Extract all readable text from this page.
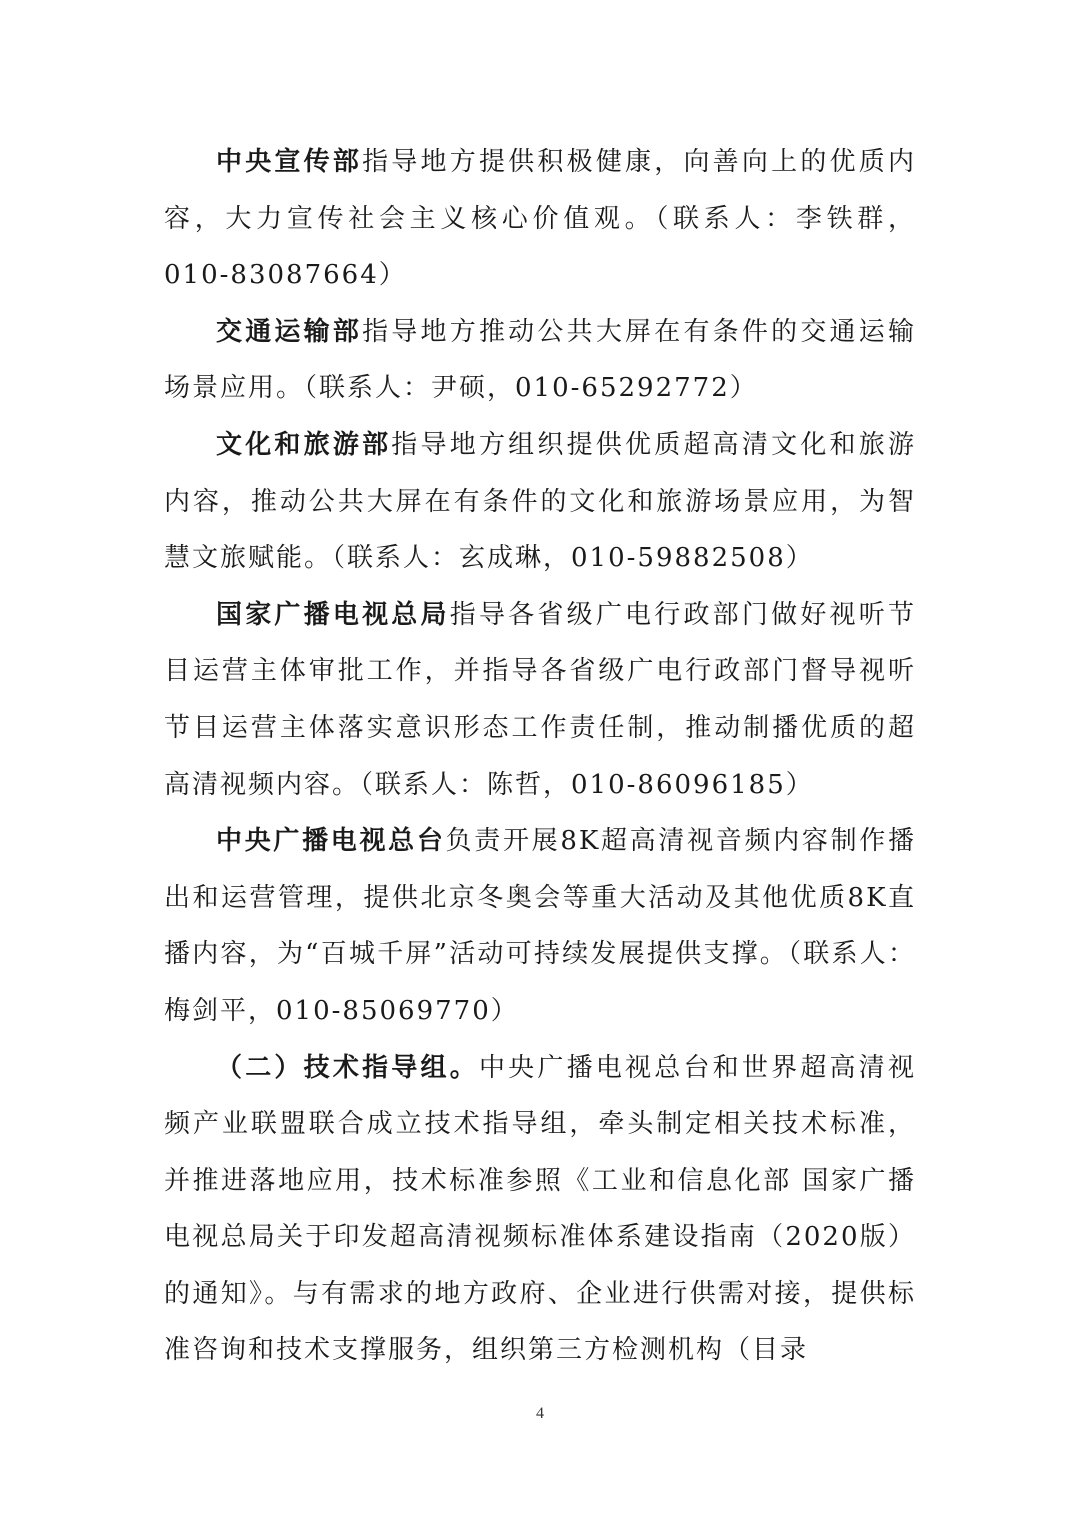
中央宣传部指导地方提供积极健康，向善向上的优质内容，大力宣传社会主义核心价值观。（联系人：李铁群，010-83087664）

交通运输部指导地方推动公共大屏在有条件的交通运输场景应用。（联系人：尹硕，010-65292772）

文化和旅游部指导地方组织提供优质超高清文化和旅游内容，推动公共大屏在有条件的文化和旅游场景应用，为智慧文旅赋能。（联系人：玄成琳，010-59882508）

国家广播电视总局指导各省级广电行政部门做好视听节目运营主体审批工作，并指导各省级广电行政部门督导视听节目运营主体落实意识形态工作责任制，推动制播优质的超高清视频内容。（联系人：陈哲，010-86096185）

中央广播电视总台负责开展8K超高清视音频内容制作播出和运营管理，提供北京冬奥会等重大活动及其他优质8K直播内容，为“百城千屏”活动可持续发展提供支撑。（联系人：梅剑平，010-85069770）

（二）技术指导组。中央广播电视总台和世界超高清视频产业联盟联合成立技术指导组，牵头制定相关技术标准，并推进落地应用，技术标准参照《工业和信息化部 国家广播电视总局关于印发超高清视频标准体系建设指南（2020版）的通知》。与有需求的地方政府、企业进行供需对接，提供标准咨询和技术支撑服务，组织第三方检测机构（目录

4
